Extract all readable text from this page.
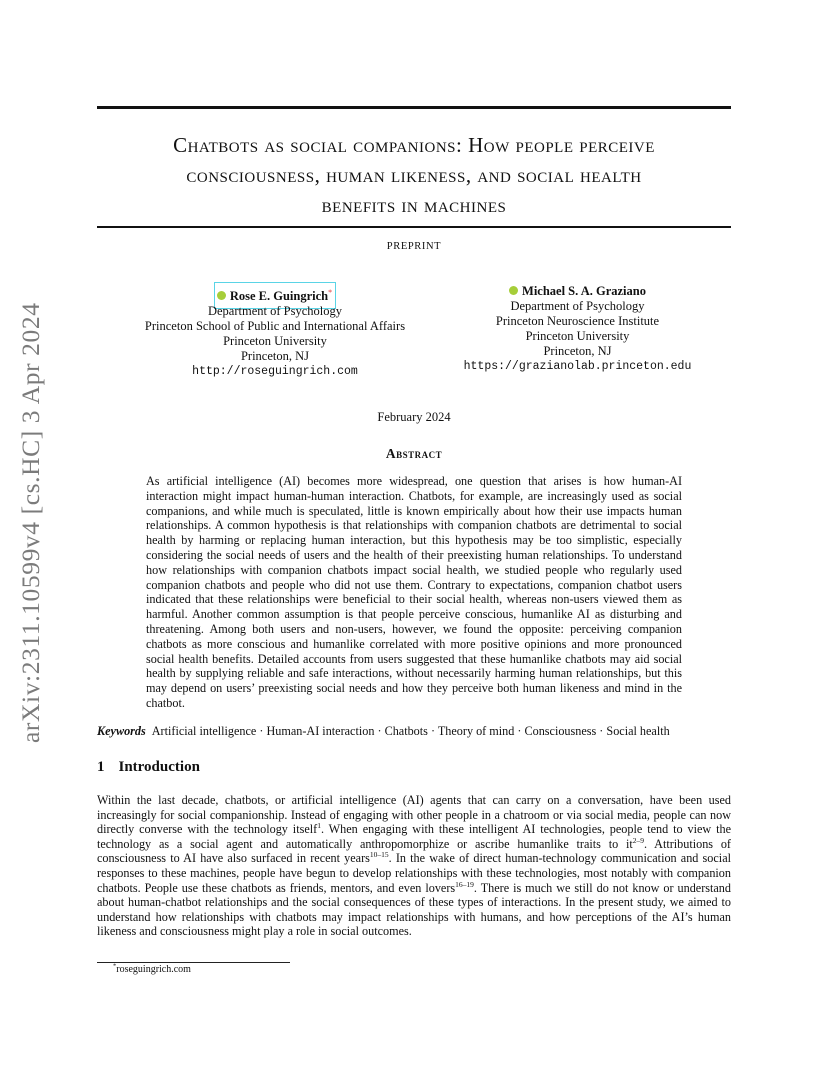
arXiv:2311.10599v4 [cs.HC] 3 Apr 2024
Chatbots as social companions: How people perceive
consciousness, human likeness, and social health
benefits in machines
PREPRINT
Rose E. Guingrich*
Department of Psychology
Princeton School of Public and International Affairs
Princeton University
Princeton, NJ
http://roseguingrich.com
Michael S. A. Graziano
Department of Psychology
Princeton Neuroscience Institute
Princeton University
Princeton, NJ
https://grazianolab.princeton.edu
February 2024
Abstract
As artificial intelligence (AI) becomes more widespread, one question that arises is how human-AI interaction might impact human-human interaction. Chatbots, for example, are increasingly used as social companions, and while much is speculated, little is known empirically about how their use impacts human relationships. A common hypothesis is that relationships with companion chatbots are detrimental to social health by harming or replacing human interaction, but this hypothesis may be too simplistic, especially considering the social needs of users and the health of their preexisting human relationships. To understand how relationships with companion chatbots impact social health, we studied people who regularly used companion chatbots and people who did not use them. Contrary to expectations, companion chatbot users indicated that these relationships were beneficial to their social health, whereas non-users viewed them as harmful. Another common assumption is that people perceive conscious, humanlike AI as disturbing and threatening. Among both users and non-users, however, we found the opposite: perceiving companion chatbots as more conscious and humanlike correlated with more positive opinions and more pronounced social health benefits. Detailed accounts from users suggested that these humanlike chatbots may aid social health by supplying reliable and safe interactions, without necessarily harming human relationships, but this may depend on users’ preexisting social needs and how they perceive both human likeness and mind in the chatbot.
Keywords Artificial intelligence · Human-AI interaction · Chatbots · Theory of mind · Consciousness · Social health
1 Introduction
Within the last decade, chatbots, or artificial intelligence (AI) agents that can carry on a conversation, have been used increasingly for social companionship. Instead of engaging with other people in a chatroom or via social media, people can now directly converse with the technology itself$^1$. When engaging with these intelligent AI technologies, people tend to view the technology as a social agent and automatically anthropomorphize or ascribe humanlike traits to $it^{2-9}$. Attributions of consciousness to AI have also surfaced in recent years$^{10-15}$. In the wake of direct human-technology communication and social responses to these machines, people have begun to develop relationships with these technologies, most notably with companion chatbots. People use these chatbots as friends, mentors, and even lovers$^{16-19}$. There is much we still do not know or understand about human-chatbot relationships and the social consequences of these types of interactions. In the present study, we aimed to understand how relationships with chatbots may impact relationships with humans, and how perceptions of the AI’s human likeness and consciousness might play a role in social outcomes.
*roseguingrich.com
